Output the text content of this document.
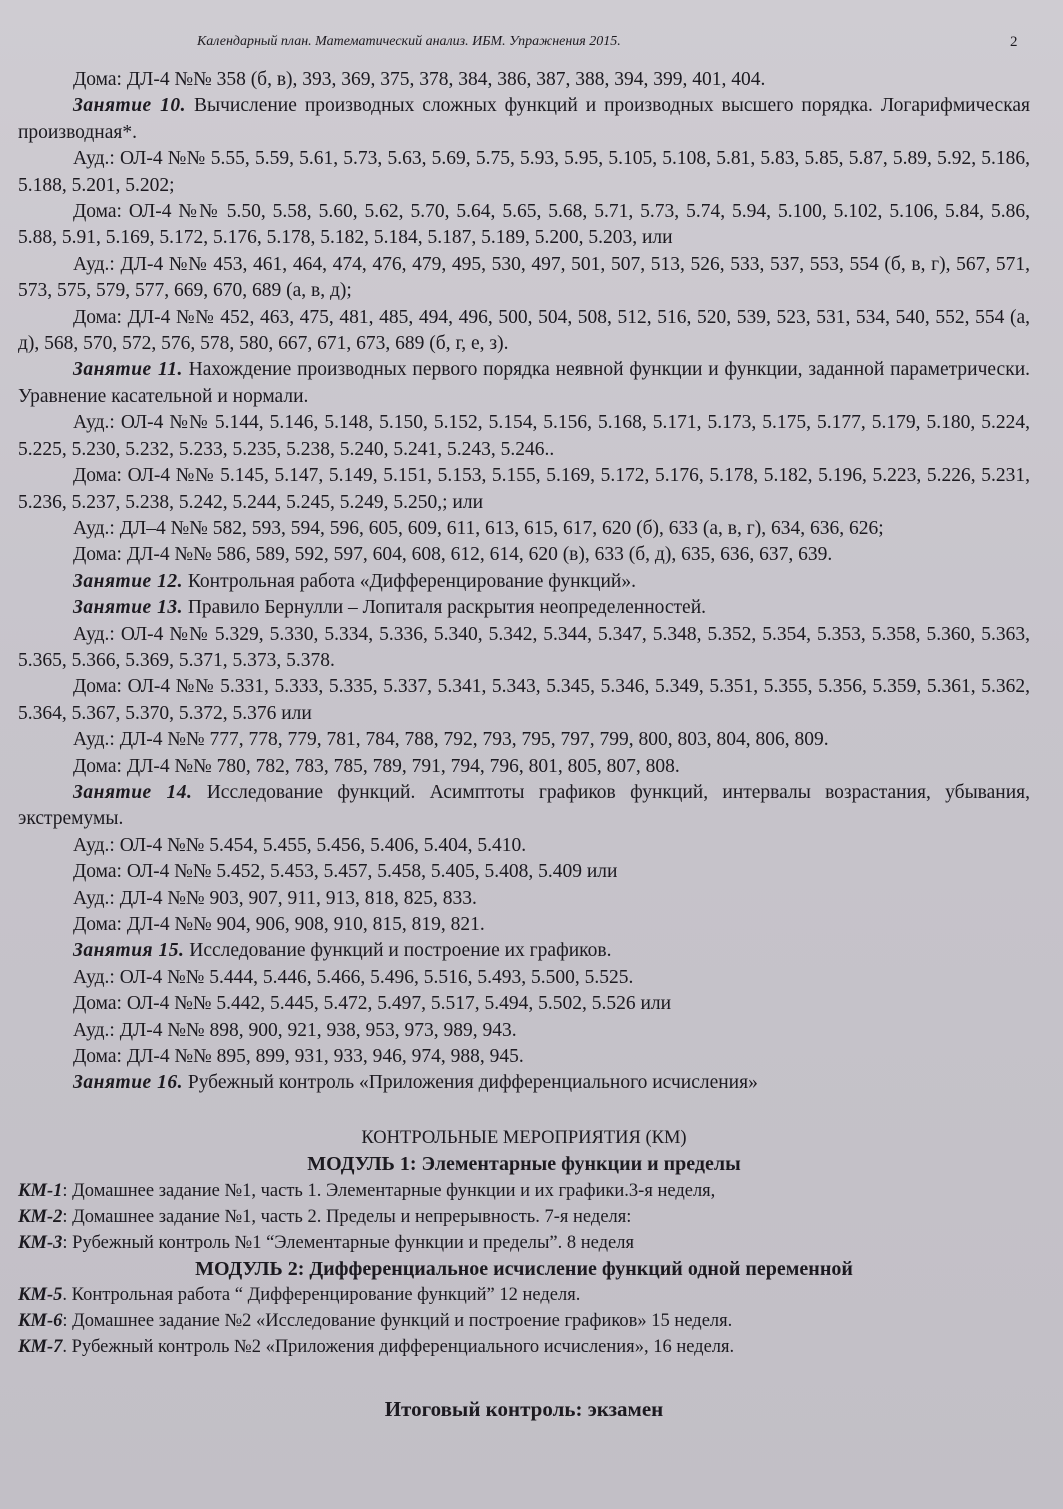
Календарный план. Математический анализ. ИБМ. Упражнения 2015.	2

Дома: ДЛ-4 №№ 358 (б, в), 393, 369, 375, 378, 384, 386, 387, 388, 394, 399, 401, 404.

Занятие 10. Вычисление производных сложных функций и производных высшего порядка. Логарифмическая производная*.

Ауд.: ОЛ-4 №№ 5.55, 5.59, 5.61, 5.73, 5.63, 5.69, 5.75, 5.93, 5.95, 5.105, 5.108, 5.81, 5.83, 5.85, 5.87, 5.89, 5.92, 5.186, 5.188, 5.201, 5.202;

Дома: ОЛ-4 №№ 5.50, 5.58, 5.60, 5.62, 5.70, 5.64, 5.65, 5.68, 5.71, 5.73, 5.74, 5.94, 5.100, 5.102, 5.106, 5.84, 5.86, 5.88, 5.91, 5.169, 5.172, 5.176, 5.178, 5.182, 5.184, 5.187, 5.189, 5.200, 5.203, или

Ауд.: ДЛ-4 №№ 453, 461, 464, 474, 476, 479, 495, 530, 497, 501, 507, 513, 526, 533, 537, 553, 554 (б, в, г), 567, 571, 573, 575, 579, 577, 669, 670, 689 (а, в, д);

Дома: ДЛ-4 №№ 452, 463, 475, 481, 485, 494, 496, 500, 504, 508, 512, 516, 520, 539, 523, 531, 534, 540, 552, 554 (а, д), 568, 570, 572, 576, 578, 580, 667, 671, 673, 689 (б, г, е, з).

Занятие 11. Нахождение производных первого порядка неявной функции и функции, заданной параметрически. Уравнение касательной и нормали.

Ауд.: ОЛ-4 №№ 5.144, 5.146, 5.148, 5.150, 5.152, 5.154, 5.156, 5.168, 5.171, 5.173, 5.175, 5.177, 5.179, 5.180, 5.224, 5.225, 5.230, 5.232, 5.233, 5.235, 5.238, 5.240, 5.241, 5.243, 5.246..

Дома: ОЛ-4 №№ 5.145, 5.147, 5.149, 5.151, 5.153, 5.155, 5.169, 5.172, 5.176, 5.178, 5.182, 5.196, 5.223, 5.226, 5.231, 5.236, 5.237, 5.238, 5.242, 5.244, 5.245, 5.249, 5.250,; или

Ауд.: ДЛ–4 №№ 582, 593, 594, 596, 605, 609, 611, 613, 615, 617, 620 (б), 633 (а, в, г), 634, 636, 626;

Дома: ДЛ-4 №№ 586, 589, 592, 597, 604, 608, 612, 614, 620 (в), 633 (б, д), 635, 636, 637, 639.

Занятие 12. Контрольная работа «Дифференцирование функций».

Занятие 13. Правило Бернулли – Лопиталя раскрытия неопределенностей.

Ауд.: ОЛ-4 №№ 5.329, 5.330, 5.334, 5.336, 5.340, 5.342, 5.344, 5.347, 5.348, 5.352, 5.354, 5.353, 5.358, 5.360, 5.363, 5.365, 5.366, 5.369, 5.371, 5.373, 5.378.

Дома: ОЛ-4 №№ 5.331, 5.333, 5.335, 5.337, 5.341, 5.343, 5.345, 5.346, 5.349, 5.351, 5.355, 5.356, 5.359, 5.361, 5.362, 5.364, 5.367, 5.370, 5.372, 5.376 или

Ауд.: ДЛ-4 №№ 777, 778, 779, 781, 784, 788, 792, 793, 795, 797, 799, 800, 803, 804, 806, 809.

Дома: ДЛ-4 №№ 780, 782, 783, 785, 789, 791, 794, 796, 801, 805, 807, 808.

Занятие 14. Исследование функций. Асимптоты графиков функций, интервалы возрастания, убывания, экстремумы.

Ауд.: ОЛ-4 №№ 5.454, 5.455, 5.456, 5.406, 5.404, 5.410.

Дома: ОЛ-4 №№ 5.452, 5.453, 5.457, 5.458, 5.405, 5.408, 5.409 или

Ауд.: ДЛ-4 №№ 903, 907, 911, 913, 818, 825, 833.

Дома: ДЛ-4 №№ 904, 906, 908, 910, 815, 819, 821.

Занятия 15. Исследование функций и построение их графиков.

Ауд.: ОЛ-4 №№ 5.444, 5.446, 5.466, 5.496, 5.516, 5.493, 5.500, 5.525.

Дома: ОЛ-4 №№ 5.442, 5.445, 5.472, 5.497, 5.517, 5.494, 5.502, 5.526 или

Ауд.: ДЛ-4 №№ 898, 900, 921, 938, 953, 973, 989, 943.

Дома: ДЛ-4 №№ 895, 899, 931, 933, 946, 974, 988, 945.

Занятие 16. Рубежный контроль «Приложения дифференциального исчисления»

КОНТРОЛЬНЫЕ МЕРОПРИЯТИЯ (КМ)

МОДУЛЬ 1: Элементарные функции и пределы

КМ-1: Домашнее задание №1, часть 1. Элементарные функции и их графики.3-я неделя,

КМ-2: Домашнее задание №1, часть 2. Пределы и непрерывность. 7-я неделя:

КМ-3: Рубежный контроль №1 “Элементарные функции и пределы”. 8 неделя

МОДУЛЬ 2: Дифференциальное исчисление функций одной переменной

КМ-5. Контрольная работа “ Дифференцирование функций” 12 неделя.

КМ-6: Домашнее задание №2 «Исследование функций и построение графиков» 15 неделя.

КМ-7. Рубежный контроль №2 «Приложения дифференциального исчисления», 16 неделя.

Итоговый контроль: экзамен
